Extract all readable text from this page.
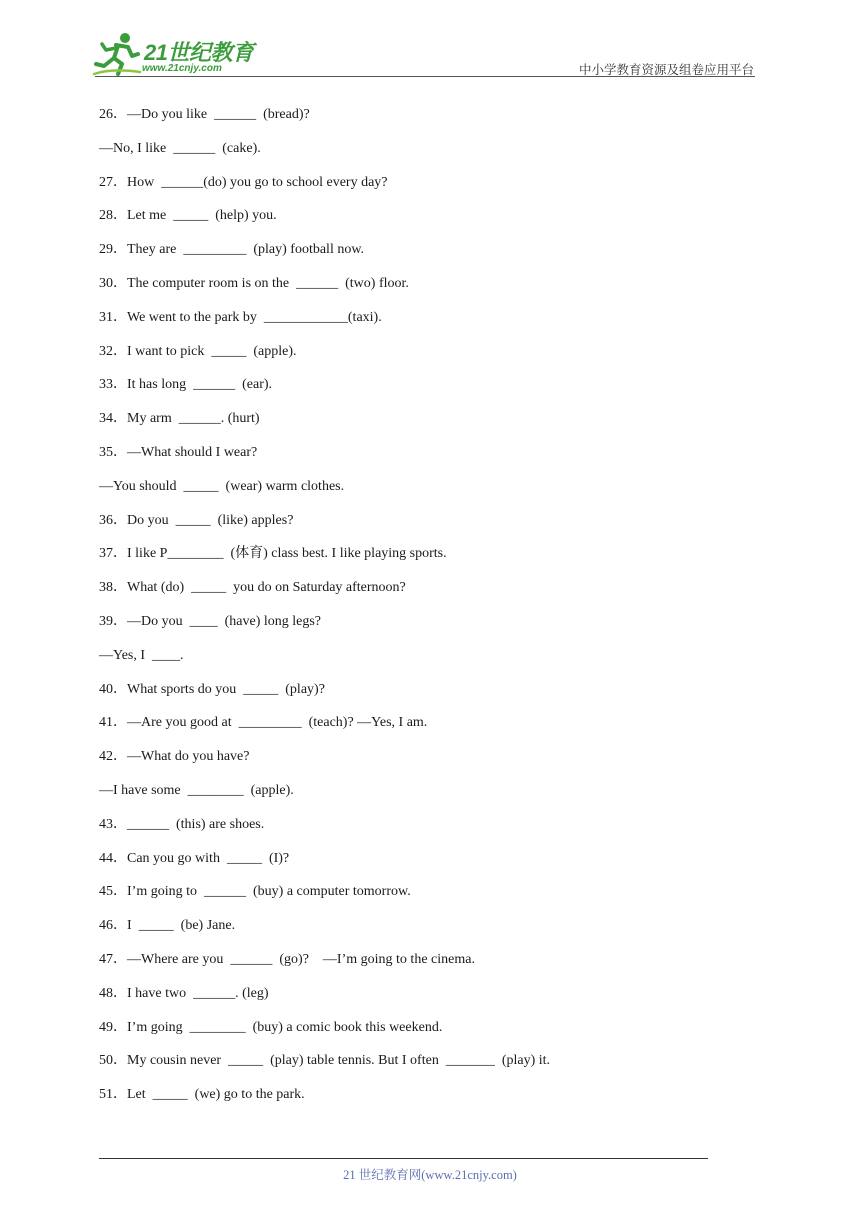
21世纪教育
www.21cnjy.com	中小学教育资源及组卷应用平台
26．—Do you like  ______  (bread)?
—No, I like  ______  (cake).
27．How  ______(do) you go to school every day?
28．Let me  _____  (help) you.
29．They are  _________  (play) football now.
30．The computer room is on the  ______  (two) floor.
31．We went to the park by  ____________(taxi).
32．I want to pick  _____  (apple).
33．It has long  ______  (ear).
34．My arm  ______. (hurt)
35．—What should I wear?
—You should  _____  (wear) warm clothes.
36．Do you  _____  (like) apples?
37．I like P________  (体育) class best. I like playing sports.
38．What (do)  _____  you do on Saturday afternoon?
39．—Do you  ____  (have) long legs?
—Yes, I  ____.
40．What sports do you  _____  (play)?
41．—Are you good at  _________  (teach)? —Yes, I am.
42．—What do you have?
—I have some  ________  (apple).
43．______  (this) are shoes.
44．Can you go with  _____  (I)?
45．I’m going to  ______  (buy) a computer tomorrow.
46．I  _____  (be) Jane.
47．—Where are you  ______  (go)?    —I’m going to the cinema.
48．I have two  ______. (leg)
49．I’m going  ________  (buy) a comic book this weekend.
50．My cousin never  _____  (play) table tennis. But I often  _______  (play) it.
51．Let  _____  (we) go to the park.
21 世纪教育网(www.21cnjy.com)
